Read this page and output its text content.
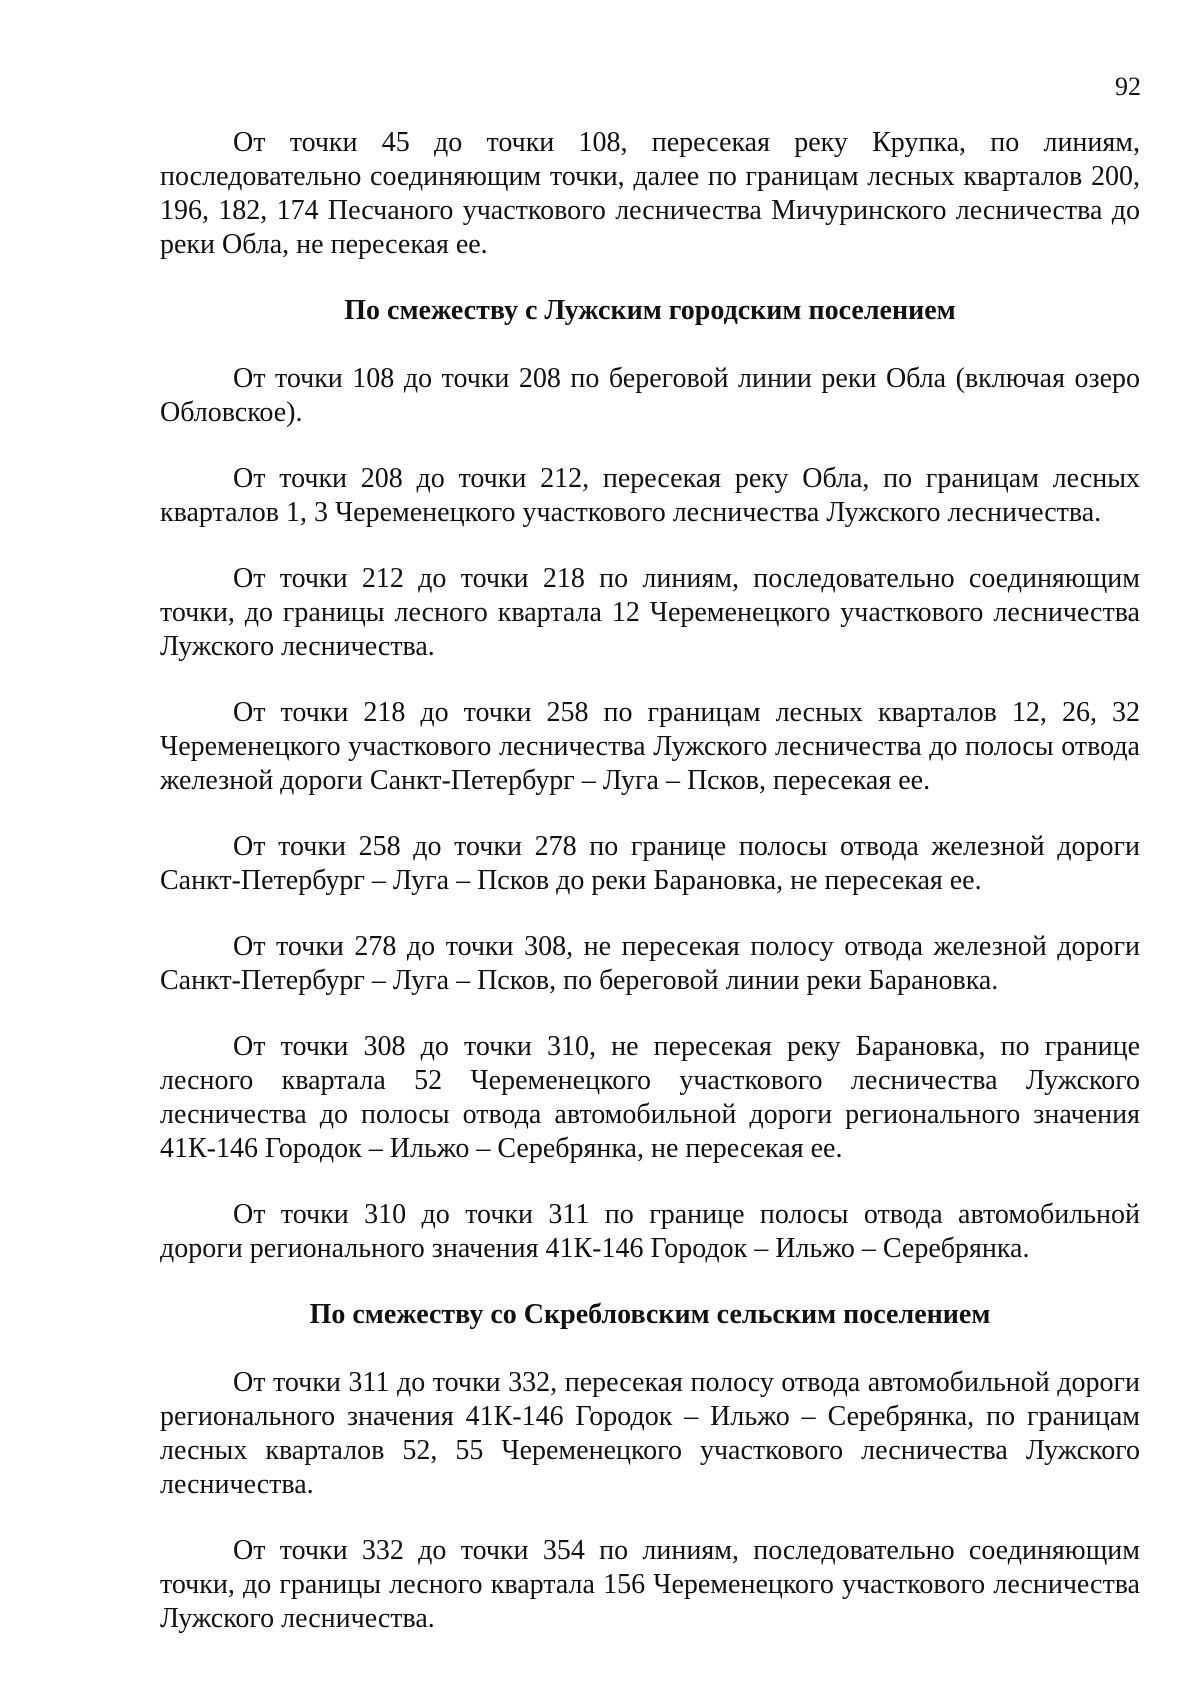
92

От точки 45 до точки 108, пересекая реку Крупка, по линиям, последовательно соединяющим точки, далее по границам лесных кварталов 200, 196, 182, 174 Песчаного участкового лесничества Мичуринского лесничества до реки Обла, не пересекая ее.

По смежеству с Лужским городским поселением

От точки 108 до точки 208 по береговой линии реки Обла (включая озеро Обловское).

От точки 208 до точки 212, пересекая реку Обла, по границам лесных кварталов 1, 3 Череменецкого участкового лесничества Лужского лесничества.

От точки 212 до точки 218 по линиям, последовательно соединяющим точки, до границы лесного квартала 12 Череменецкого участкового лесничества Лужского лесничества.

От точки 218 до точки 258 по границам лесных кварталов 12, 26, 32 Череменецкого участкового лесничества Лужского лесничества до полосы отвода железной дороги Санкт-Петербург – Луга – Псков, пересекая ее.

От точки 258 до точки 278 по границе полосы отвода железной дороги Санкт-Петербург – Луга – Псков до реки Барановка, не пересекая ее.

От точки 278 до точки 308, не пересекая полосу отвода железной дороги Санкт-Петербург – Луга – Псков, по береговой линии реки Барановка.

От точки 308 до точки 310, не пересекая реку Барановка, по границе лесного квартала 52 Череменецкого участкового лесничества Лужского лесничества до полосы отвода автомобильной дороги регионального значения 41К-146 Городок – Ильжо – Серебрянка, не пересекая ее.

От точки 310 до точки 311 по границе полосы отвода автомобильной дороги регионального значения 41К-146 Городок – Ильжо – Серебрянка.

По смежеству со Скребловским сельским поселением

От точки 311 до точки 332, пересекая полосу отвода автомобильной дороги регионального значения 41К-146 Городок – Ильжо – Серебрянка, по границам лесных кварталов 52, 55 Череменецкого участкового лесничества Лужского лесничества.

От точки 332 до точки 354 по линиям, последовательно соединяющим точки, до границы лесного квартала 156 Череменецкого участкового лесничества Лужского лесничества.
